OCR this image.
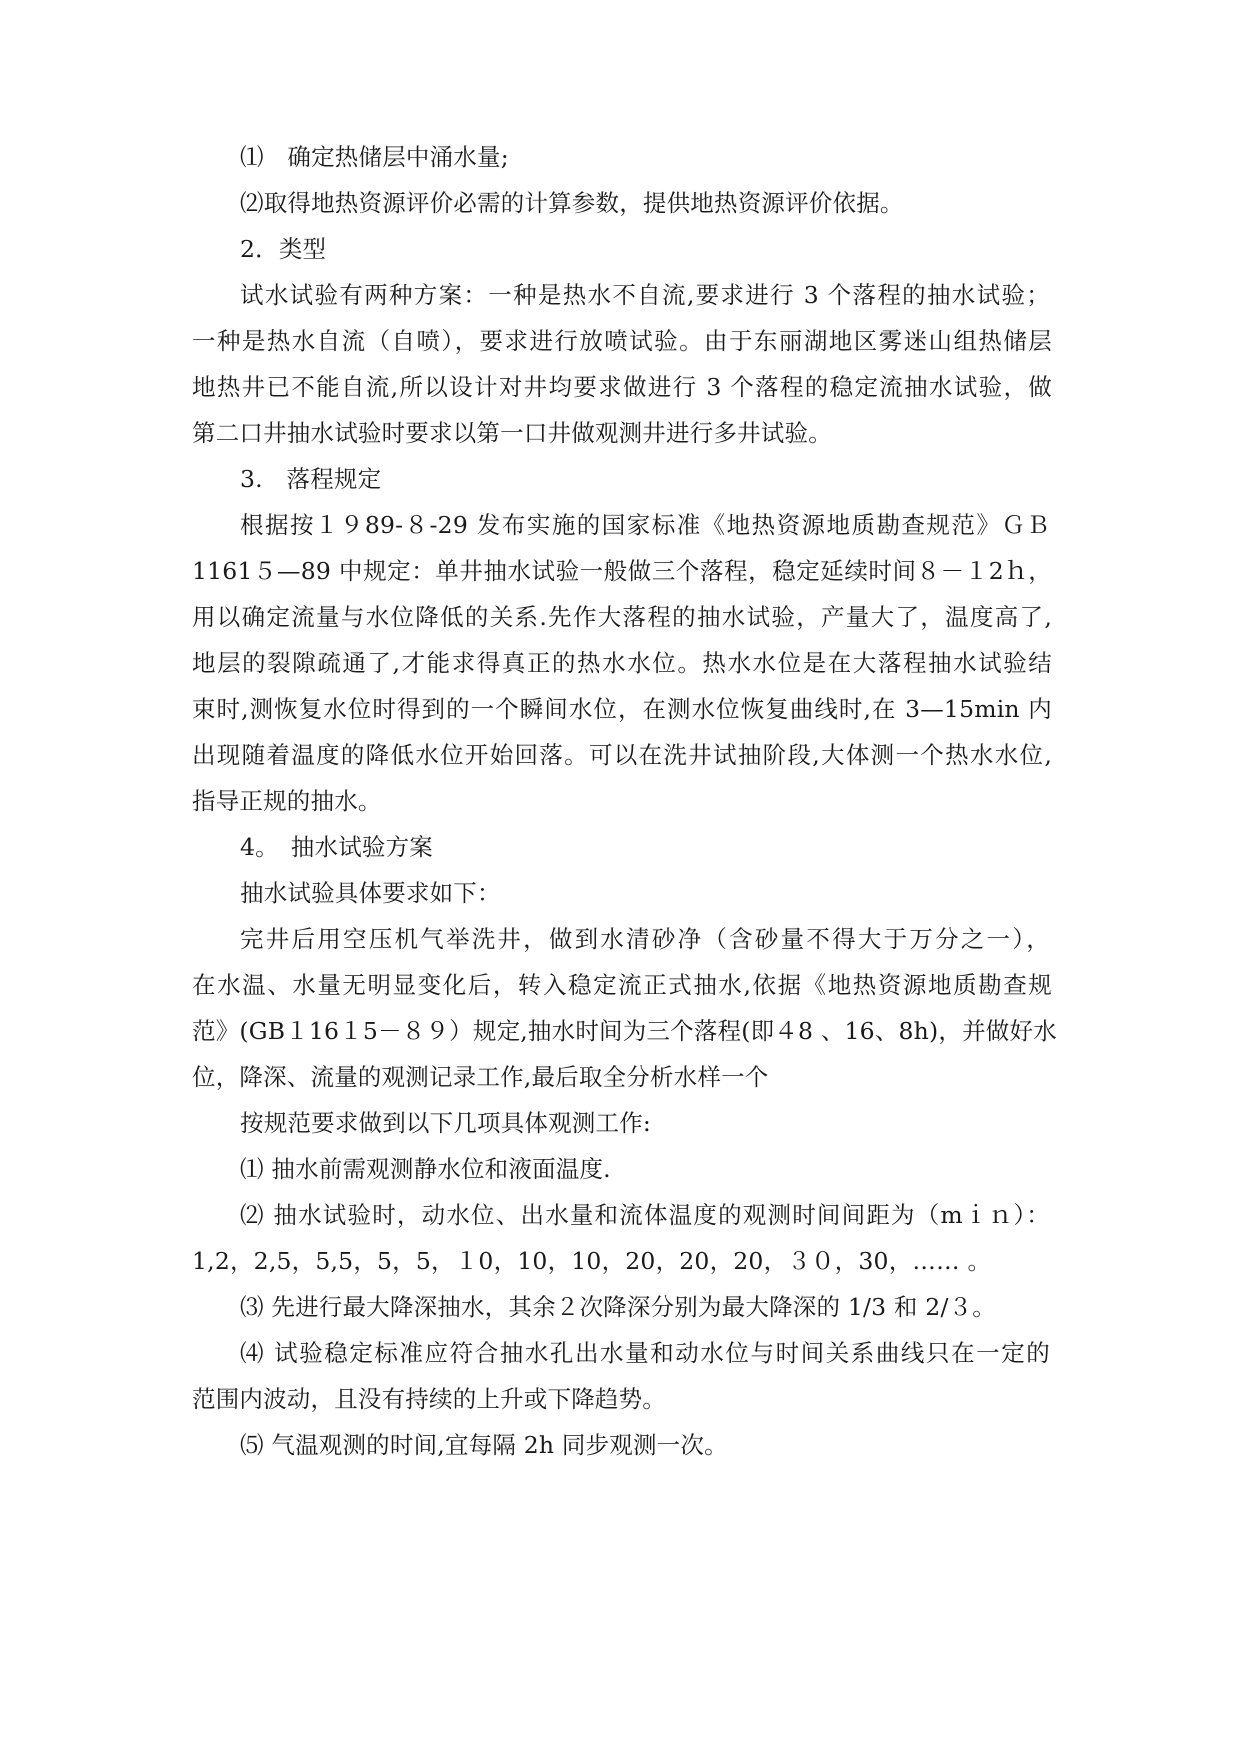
⑴　确定热储层中涌水量;
⑵取得地热资源评价必需的计算参数，提供地热资源评价依据。
2．类型
试水试验有两种方案：一种是热水不自流,要求进行 3 个落程的抽水试验；
一种是热水自流（自喷），要求进行放喷试验。由于东丽湖地区雾迷山组热储层
地热井已不能自流,所以设计对井均要求做进行 3 个落程的稳定流抽水试验，做
第二口井抽水试验时要求以第一口井做观测井进行多井试验。
3.　落程规定
根据按１９89-８-29 发布实施的国家标准《地热资源地质勘查规范》ＧＢ
1161５—89 中规定：单井抽水试验一般做三个落程，稳定延续时间８－１2ｈ，
用以确定流量与水位降低的关系.先作大落程的抽水试验，产量大了，温度高了,
地层的裂隙疏通了,才能求得真正的热水水位。热水水位是在大落程抽水试验结
束时,测恢复水位时得到的一个瞬间水位，在测水位恢复曲线时,在 3—15min 内
出现随着温度的降低水位开始回落。可以在洗井试抽阶段,大体测一个热水水位,
指导正规的抽水。
4。　抽水试验方案
抽水试验具体要求如下：
完井后用空压机气举洗井，做到水清砂净（含砂量不得大于万分之一），
在水温、水量无明显变化后，转入稳定流正式抽水,依据《地热资源地质勘查规
范》(GB１16１5－８９）规定,抽水时间为三个落程(即４8 、16、8h)，并做好水
位，降深、流量的观测记录工作,最后取全分析水样一个
按规范要求做到以下几项具体观测工作:
⑴ 抽水前需观测静水位和液面温度.
⑵ 抽水试验时，动水位、出水量和流体温度的观测时间间距为（mｉｎ）：
1,2，2,5，5,5，5，5，１0，10，10，20，20，20，３０，30，…… 。
⑶ 先进行最大降深抽水，其余２次降深分别为最大降深的 1/3 和 2/３。
⑷ 试验稳定标准应符合抽水孔出水量和动水位与时间关系曲线只在一定的
范围内波动，且没有持续的上升或下降趋势。
⑸ 气温观测的时间,宜每隔 2h 同步观测一次。
